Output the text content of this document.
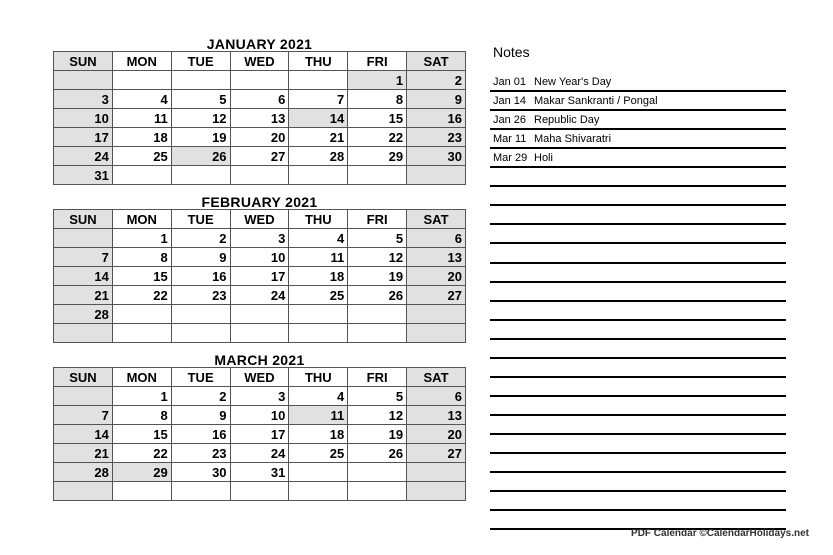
JANUARY 2021
SUN	MON	TUE	WED	THU	FRI	SAT
					1	2
3	4	5	6	7	8	9
10	11	12	13	14	15	16
17	18	19	20	21	22	23
24	25	26	27	28	29	30
31						
FEBRUARY 2021
SUN	MON	TUE	WED	THU	FRI	SAT
	1	2	3	4	5	6
7	8	9	10	11	12	13
14	15	16	17	18	19	20
21	22	23	24	25	26	27
28						

MARCH 2021
SUN	MON	TUE	WED	THU	FRI	SAT
	1	2	3	4	5	6
7	8	9	10	11	12	13
14	15	16	17	18	19	20
21	22	23	24	25	26	27
28	29	30	31			

Notes
Jan 01 New Year's Day
Jan 14 Makar Sankranti / Pongal
Jan 26 Republic Day
Mar 11 Maha Shivaratri
Mar 29 Holi
PDF Calendar ©CalendarHolidays.net
